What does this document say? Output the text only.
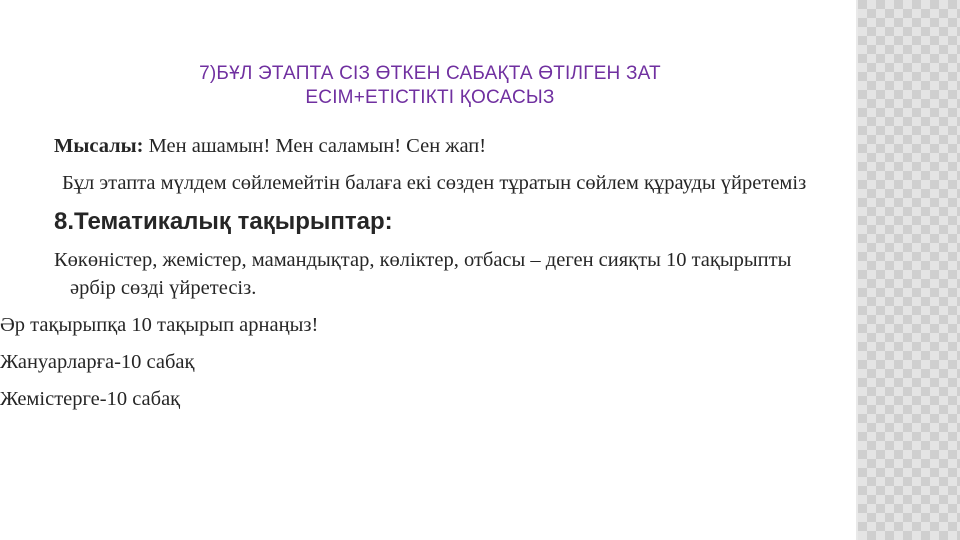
7)БҰЛ ЭТАПТА СІЗ ӨТКЕН САБАҚТА ӨТІЛГЕН ЗАТ
ЕСІМ+ЕТІСТІКТІ ҚОСАСЫЗ

Мысалы: Мен ашамын! Мен саламын! Сен жап!

Бұл этапта мүлдем сөйлемейтін балаға екі сөзден тұратын сөйлем құрауды үйретеміз

8.Тематикалық тақырыптар:

Көкөністер, жемістер, мамандықтар, көліктер, отбасы – деген сияқты 10 тақырыпты әрбір сөзді үйретесіз.

Әр тақырыпқа 10 тақырып арнаңыз!

Жануарларға-10 сабақ

Жемістерге-10 сабақ
